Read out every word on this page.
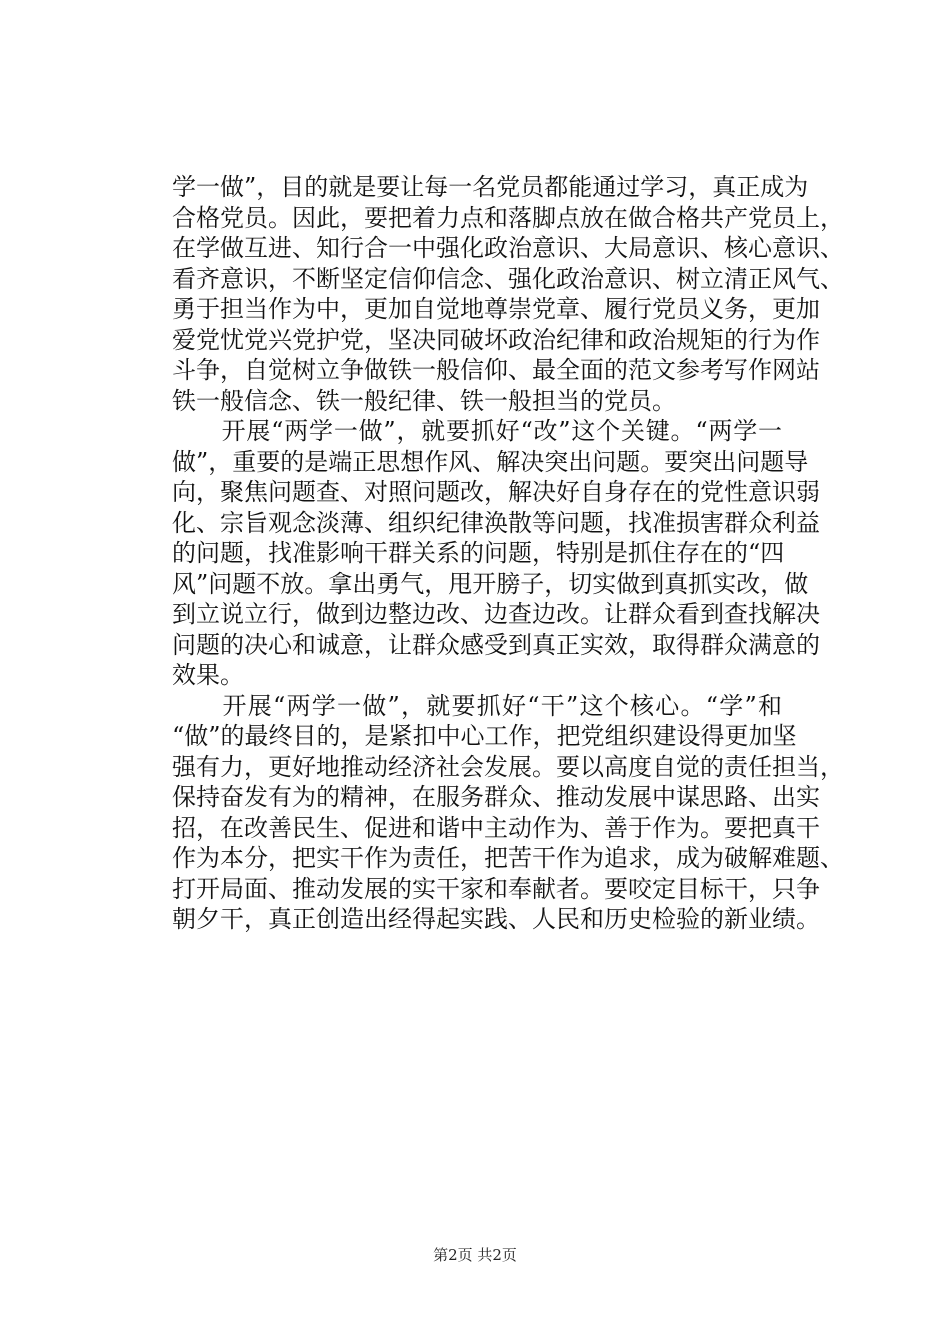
学一做”，目的就是要让每一名党员都能通过学习，真正成为
合格党员。因此，要把着力点和落脚点放在做合格共产党员上，
在学做互进、知行合一中强化政治意识、大局意识、核心意识、
看齐意识，不断坚定信仰信念、强化政治意识、树立清正风气、
勇于担当作为中，更加自觉地尊崇党章、履行党员义务，更加
爱党忧党兴党护党，坚决同破坏政治纪律和政治规矩的行为作
斗争，自觉树立争做铁一般信仰、最全面的范文参考写作网站
铁一般信念、铁一般纪律、铁一般担当的党员。
　　开展“两学一做”，就要抓好“改”这个关键。“两学一
做”，重要的是端正思想作风、解决突出问题。要突出问题导
向，聚焦问题查、对照问题改，解决好自身存在的党性意识弱
化、宗旨观念淡薄、组织纪律涣散等问题，找准损害群众利益
的问题，找准影响干群关系的问题，特别是抓住存在的“四
风”问题不放。拿出勇气，甩开膀子，切实做到真抓实改，做
到立说立行，做到边整边改、边查边改。让群众看到查找解决
问题的决心和诚意，让群众感受到真正实效，取得群众满意的
效果。
　　开展“两学一做”，就要抓好“干”这个核心。“学”和
“做”的最终目的，是紧扣中心工作，把党组织建设得更加坚
强有力，更好地推动经济社会发展。要以高度自觉的责任担当，
保持奋发有为的精神，在服务群众、推动发展中谋思路、出实
招，在改善民生、促进和谐中主动作为、善于作为。要把真干
作为本分，把实干作为责任，把苦干作为追求，成为破解难题、
打开局面、推动发展的实干家和奉献者。要咬定目标干，只争
朝夕干，真正创造出经得起实践、人民和历史检验的新业绩。
第2页 共2页
